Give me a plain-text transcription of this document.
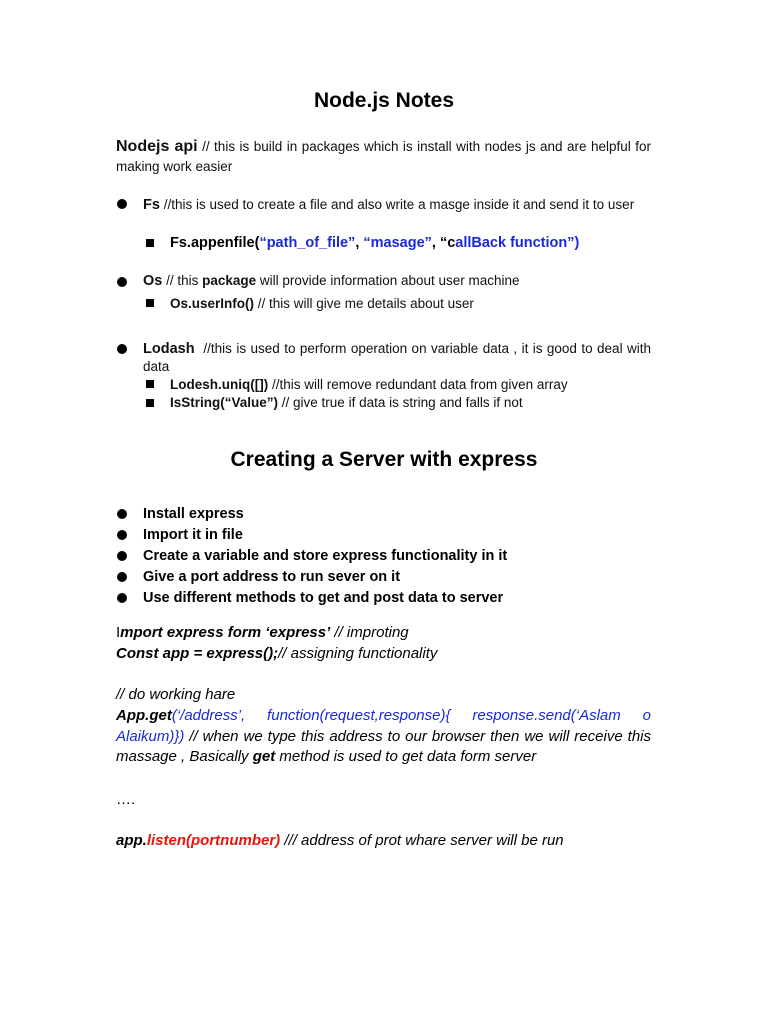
Node.js Notes
Nodejs api // this is build in packages which is install with nodes js and are helpful for making work easier
Fs //this is used to create a file and also write a masge inside it and send it to user
Fs.appenfile(“path_of_file”, “masage”, “callBack function”)
Os // this package will provide information about user machine
Os.userInfo() // this will give me details about user
Lodash //this is used to perform operation on variable data , it is good to deal with data
Lodesh.uniq([]) //this will remove redundant data from given array
IsString(“Value”) // give true if data is string and falls if not
Creating a Server with express
Install express
Import it in file
Create a variable and store express functionality in it
Give a port address to run sever on it
Use different methods to get and post data to server
Import express form ‘express’ // improting
Const app = express();// assigning functionality
// do working hare
App.get(‘/address’, function(request,response){ response.send(‘Aslam o Alaikum)}) // when we type this address to our browser then we will receive this massage , Basically get method is used to get data form server
….
app.listen(portnumber) /// address of prot whare server will be run
